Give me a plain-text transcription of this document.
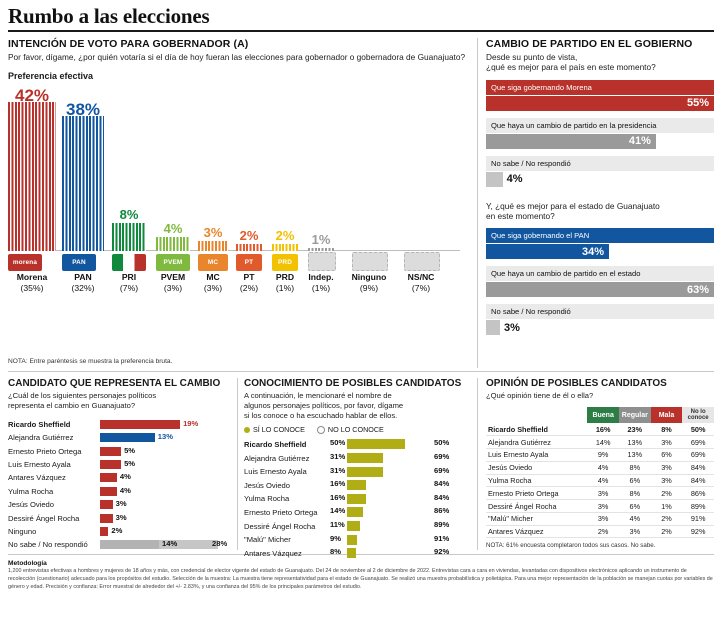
Rumbo a las elecciones
INTENCIÓN DE VOTO PARA GOBERNADOR (A)
Por favor, dígame, ¿por quién votaría si el día de hoy fueran las elecciones para gobernador o gobernadora de Guanajuato?
Preferencia efectiva
42%
morena
Morena
(35%)
38%
PAN
PAN
(32%)
8%
PRI
(7%)
4%
PVEM
PVEM
(3%)
3%
MC
MC
(3%)
2%
PT
PT
(2%)
2%
PRD
PRD
(1%)
1%
Indep.
(1%)
Ninguno
(9%)
NS/NC
(7%)
NOTA: Entre paréntesis se muestra la preferencia bruta.
CAMBIO DE PARTIDO EN EL GOBIERNO
Desde su punto de vista,
¿qué es mejor para el país en este momento?
Que siga gobernando Morena
55%
Que haya un cambio de partido en la presidencia
41%
No sabe / No respondió
4%
Y, ¿qué es mejor para el estado de Guanajuato
en este momento?
Que siga gobernando el PAN
34%
Que haya un cambio de partido en el estado
63%
No sabe / No respondió
3%
CANDIDATO QUE REPRESENTA EL CAMBIO
¿Cuál de los siguientes personajes políticos
representa el cambio en Guanajuato?
Ricardo Sheffield	19%
Alejandra Gutiérrez	13%
Ernesto Prieto Ortega	5%
Luis Ernesto Ayala	5%
Antares Vázquez	4%
Yulma Rocha	4%
Jesús Oviedo	3%
Dessiré Ángel Rocha	3%
Ninguno	2%
No sabe / No respondió	14%	28%
CONOCIMIENTO DE POSIBLES CANDIDATOS
A continuación, le mencionaré el nombre de
algunos personajes políticos, por favor, dígame
si los conoce o ha escuchado hablar de ellos.
SÍ LO CONOCE	NO LO CONOCE
Ricardo Sheffield	50%	50%
Alejandra Gutiérrez	31%	69%
Luis Ernesto Ayala	31%	69%
Jesús Oviedo	16%	84%
Yulma Rocha	16%	84%
Ernesto Prieto Ortega	14%	86%
Dessiré Ángel Rocha	11%	89%
"Malú" Micher	9%	91%
Antares Vázquez	8%	92%
OPINIÓN DE POSIBLES CANDIDATOS
¿Qué opinión tiene de él o ella?
	Buena	Regular	Mala	No lo
conoce
Ricardo Sheffield	16%	23%	8%	50%
Alejandra Gutiérrez	14%	13%	3%	69%
Luis Ernesto Ayala	9%	13%	6%	69%
Jesús Oviedo	4%	8%	3%	84%
Yulma Rocha	4%	6%	3%	84%
Ernesto Prieto Ortega	3%	8%	2%	86%
Dessiré Ángel Rocha	3%	6%	1%	89%
"Malú" Micher	3%	4%	2%	91%
Antares Vázquez	2%	3%	2%	92%
NOTA: 61% encuesta completaron todos sus casos. No sabe.
Metodología
1,200 entrevistas efectivas a hombres y mujeres de 18 años y más, con credencial de elector vigente del estado de Guanajuato. Del 24 de noviembre al 2 de diciembre de 2022. Entrevistas cara a cara en viviendas, levantadas con dispositivos electrónicos aplicando un instrumento de recolección (cuestionario) adecuado para los propósitos del estudio. Selección de la muestra: La muestra tiene representatividad para el estado de Guanajuato. Se realizó una muestra probabilística y polietápica. Para una mejor representación de la población se manejan cuotas por variables de género y edad. Precisión y confianza: Error muestral de alrededor del +/- 2.83%, y una confianza del 95% de los principales parámetros del estudio.
